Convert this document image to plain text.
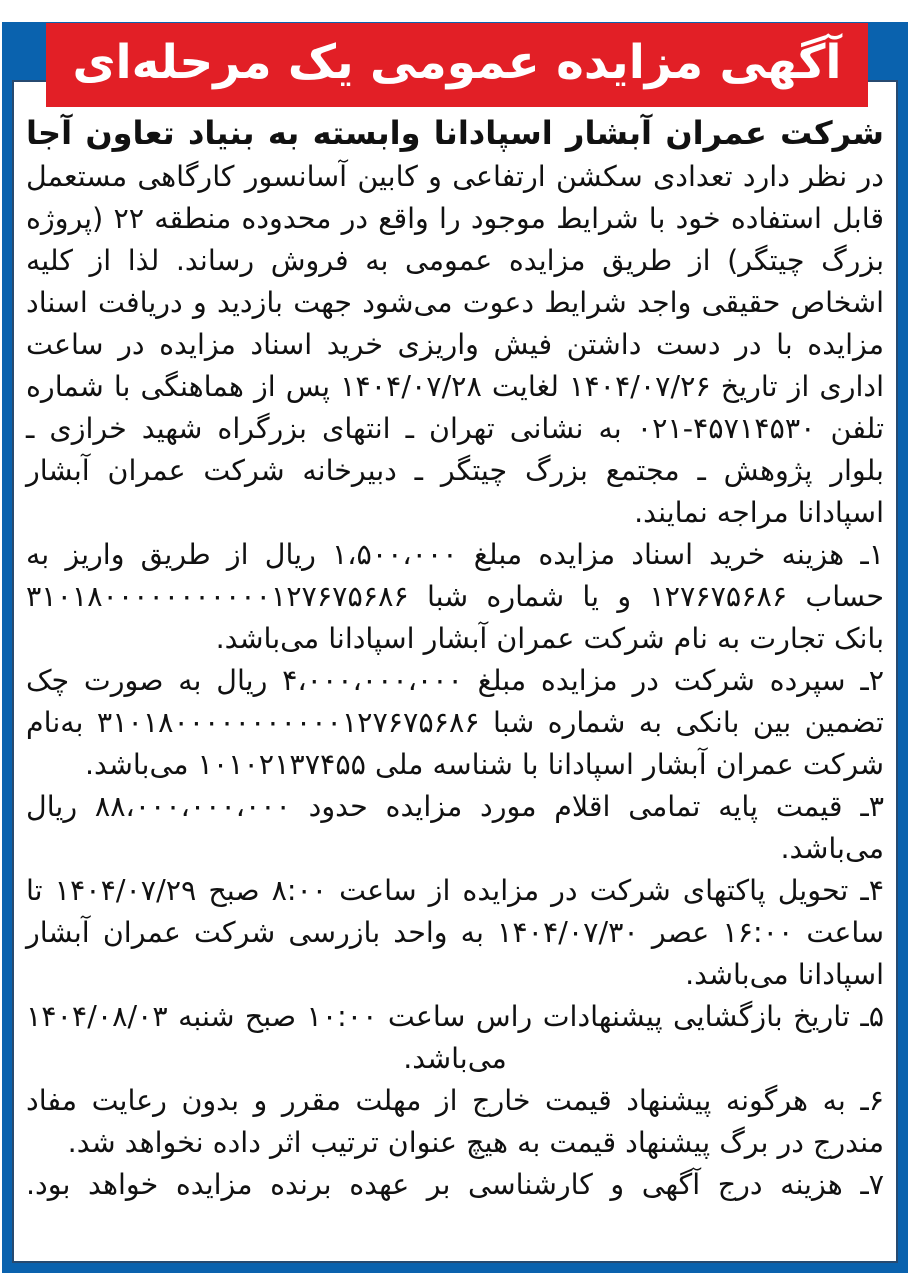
آگهی مزایده عمومی یک مرحله‌ای

شرکت عمران آبشار اسپادانا وابسته به بنیاد تعاون آجا در نظر دارد تعدادی سکشن ارتفاعی و کابین آسانسور کارگاهی مستعمل قابل استفاده خود با شرایط موجود را واقع در محدوده منطقه ۲۲ (پروژه بزرگ چیتگر) از طریق مزایده عمومی به فروش رساند. لذا از کلیه اشخاص حقیقی واجد شرایط دعوت می‌شود جهت بازدید و دریافت اسناد مزایده با در دست داشتن فیش واریزی خرید اسناد مزایده در ساعت اداری از تاریخ ۱۴۰۴/۰۷/۲۶ لغایت ۱۴۰۴/۰۷/۲۸ پس از هماهنگی با شماره تلفن ۴۵۷۱۴۵۳۰-۰۲۱ به نشانی تهران ـ انتهای بزرگراه شهید خرازی ـ بلوار پژوهش ـ مجتمع بزرگ چیتگر ـ دبیرخانه شرکت عمران آبشار اسپادانا مراجه نمایند.

۱ـ هزینه خرید اسناد مزایده مبلغ ۱،۵۰۰،۰۰۰ ریال از طریق واریز به حساب ۱۲۷۶۷۵۶۸۶ و یا شماره شبا ۳۱۰۱۸۰۰۰۰۰۰۰۰۰۰۰۱۲۷۶۷۵۶۸۶ بانک تجارت به نام شرکت عمران آبشار اسپادانا می‌باشد.

۲ـ سپرده شرکت در مزایده مبلغ ۴،۰۰۰،۰۰۰،۰۰۰ ریال به صورت چک تضمین بین بانکی به شماره شبا ۳۱۰۱۸۰۰۰۰۰۰۰۰۰۰۰۱۲۷۶۷۵۶۸۶ به‌نام شرکت عمران آبشار اسپادانا با شناسه ملی ۱۰۱۰۲۱۳۷۴۵۵ می‌باشد.

۳ـ قیمت پایه تمامی اقلام مورد مزایده حدود ۸۸،۰۰۰،۰۰۰،۰۰۰ ریال می‌باشد.

۴ـ تحویل پاکتهای شرکت در مزایده از ساعت ۸:۰۰ صبح ۱۴۰۴/۰۷/۲۹ تا ساعت ۱۶:۰۰ عصر ۱۴۰۴/۰۷/۳۰ به واحد بازرسی شرکت عمران آبشار اسپادانا می‌باشد.

۵ـ تاریخ بازگشایی پیشنهادات راس ساعت ۱۰:۰۰ صبح شنبه ۱۴۰۴/۰۸/۰۳ می‌باشد.

۶ـ به هرگونه پیشنهاد قیمت خارج از مهلت مقرر و بدون رعایت مفاد مندرج در برگ پیشنهاد قیمت به هیچ عنوان ترتیب اثر داده نخواهد شد.

۷ـ هزینه درج آگهی و کارشناسی بر عهده برنده مزایده خواهد بود.
